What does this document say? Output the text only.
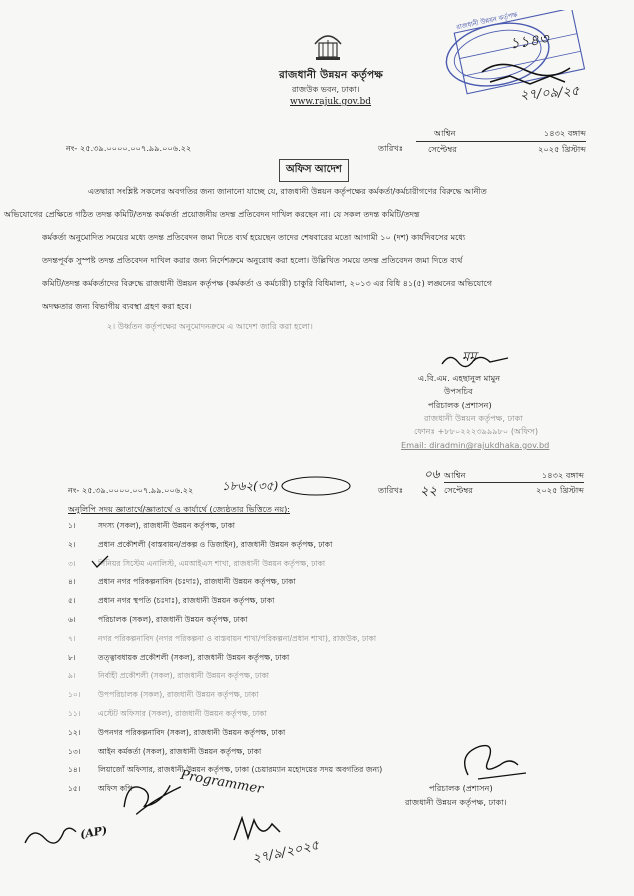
রাজধানী উন্নয়ন কর্তৃপক্ষ
রাজউক ভবন, ঢাকা।
www.rajuk.gov.bd
রাজধানী উন্নয়ন কর্তৃপক্ষ
১১৪৩
২৭/০৯/২৫
নং- ২৫.৩৯.০০০০.০০৭.৯৯.০০৬.২২	তারিখঃ
আশ্বিন	১৪৩২ বঙ্গাব্দ
সেপ্টেম্বর	২০২৫ খ্রিস্টাব্দ
অফিস আদেশ
এতদ্বারা সংশ্লিষ্ট সকলের অবগতির জন্য জানানো যাচ্ছে যে, রাজধানী উন্নয়ন কর্তৃপক্ষের কর্মকর্তা/কর্মচারীগণের বিরুদ্ধে আনীত
অভিযোগের প্রেক্ষিতে গঠিত তদন্ত কমিটি/তদন্ত কর্মকর্তা প্রয়োজনীয় তদন্ত প্রতিবেদন দাখিল করছেন না। যে সকল তদন্ত কমিটি/তদন্ত
কর্মকর্তা অনুমোদিত সময়ের মধ্যে তদন্ত প্রতিবেদন জমা দিতে ব্যর্থ হয়েছেন তাদের শেষবারের মতো আগামী ১০ (দশ) কার্যদিবসের মধ্যে
তদন্তপূর্বক সুস্পষ্ট তদন্ত প্রতিবেদন দাখিল করার জন্য নির্দেশক্রমে অনুরোধ করা হলো। উল্লিখিত সময়ে তদন্ত প্রতিবেদন জমা দিতে ব্যর্থ
কমিটি/তদন্ত কর্মকর্তাদের বিরুদ্ধে রাজধানী উন্নয়ন কর্তৃপক্ষ (কর্মকর্তা ও কর্মচারী) চাকুরি বিধিমালা, ২০১৩ এর বিধি ৪১(৫) লঙ্ঘনের অভিযোগে
অদক্ষতার জন্য বিভাগীয় ব্যবস্থা গ্রহণ করা হবে।
২। উর্ধ্বতন কর্তৃপক্ষের অনুমোদনক্রমে এ আদেশ জারি করা হলো।
মম
এ.বি.এম. এহছানুল মামুন
উপসচিব
পরিচালক (প্রশাসন)
রাজধানী উন্নয়ন কর্তৃপক্ষ, ঢাকা
ফোনঃ +৮৮০২২২৩৯৯৯৮০ (অফিস)
Email: diradmin@rajukdhaka.gov.bd
নং- ২৫.৩৯.০০০০.০০৭.৯৯.০০৬.২২ ১৮৬২(৩৫)	তারিখঃ
০৬
২২
আশ্বিন	১৪৩২ বঙ্গাব্দ
সেপ্টেম্বর	২০২৫ খ্রিস্টাব্দ
অনুলিপি সদয় জ্ঞাতার্থে/জ্ঞাতার্থে ও কার্যার্থে (জ্যেষ্ঠতার ভিত্তিতে নয়):
১।	সদস্য (সকল), রাজধানী উন্নয়ন কর্তৃপক্ষ, ঢাকা
২।	প্রধান প্রকৌশলী (বাস্তবায়ন/প্রকল্প ও ডিজাইন), রাজধানী উন্নয়ন কর্তৃপক্ষ, ঢাকা
৩।	সিনিয়র সিস্টেম এনালিস্ট, এমআইএস শাখা, রাজধানী উন্নয়ন কর্তৃপক্ষ, ঢাকা
৪।	প্রধান নগর পরিকল্পনাবিদ (চঃদাঃ), রাজধানী উন্নয়ন কর্তৃপক্ষ, ঢাকা
৫।	প্রধান নগর স্থপতি (চঃদাঃ), রাজধানী উন্নয়ন কর্তৃপক্ষ, ঢাকা
৬।	পরিচালক (সকল), রাজধানী উন্নয়ন কর্তৃপক্ষ, ঢাকা
৭।	নগর পরিকল্পনাবিদ (নগর পরিকল্পনা ও বাস্তবায়ন শাখা/পরিকল্পনা/প্রধান শাখা), রাজউক, ঢাকা
৮।	তত্ত্বাবধায়ক প্রকৌশলী (সকল), রাজধানী উন্নয়ন কর্তৃপক্ষ, ঢাকা
৯।	নির্বাহী প্রকৌশলী (সকল), রাজধানী উন্নয়ন কর্তৃপক্ষ, ঢাকা
১০। উপপরিচালক (সকল), রাজধানী উন্নয়ন কর্তৃপক্ষ, ঢাকা
১১। এস্টেট অফিসার (সকল), রাজধানী উন্নয়ন কর্তৃপক্ষ, ঢাকা
১২। উপনগর পরিকল্পনাবিদ (সকল), রাজধানী উন্নয়ন কর্তৃপক্ষ, ঢাকা
১৩। আইন কর্মকর্তা (সকল), রাজধানী উন্নয়ন কর্তৃপক্ষ, ঢাকা
১৪। লিয়াজোঁ অফিসার, রাজধানী উন্নয়ন কর্তৃপক্ষ, ঢাকা (চেয়ারম্যান মহোদয়ের সদয় অবগতির জন্য)
১৫। অফিস কপি	পরিচালক (প্রশাসন)
রাজধানী উন্নয়ন কর্তৃপক্ষ, ঢাকা।
(AP)
Programmer
২৭/৯/২০২৫
